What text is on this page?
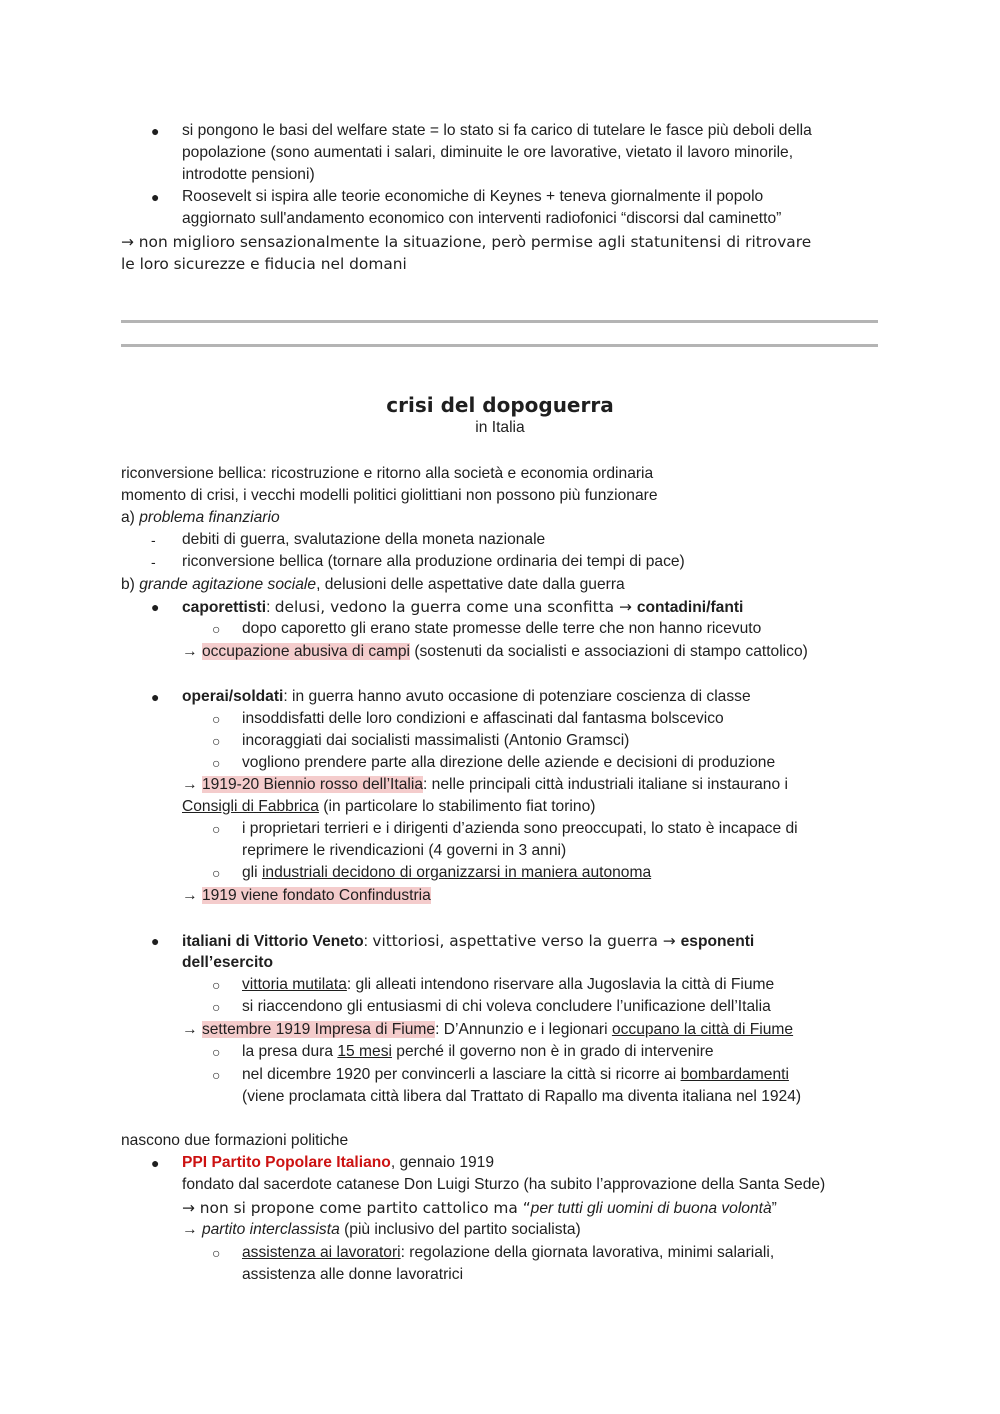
● si pongono le basi del welfare state = lo stato si fa carico di tutelare le fasce più deboli della
popolazione (sono aumentati i salari, diminuite le ore lavorative, vietato il lavoro minorile,
introdotte pensioni)
● Roosevelt si ispira alle teorie economiche di Keynes + teneva giornalmente il popolo
aggiornato sull'andamento economico con interventi radiofonici “discorsi dal caminetto”
→ non miglioro sensazionalmente la situazione, però permise agli statunitensi di ritrovare
le loro sicurezze e fiducia nel domani
crisi del dopoguerra
in Italia
riconversione bellica: ricostruzione e ritorno alla società e economia ordinaria
momento di crisi, i vecchi modelli politici giolittiani non possono più funzionare
a) problema finanziario
- debiti di guerra, svalutazione della moneta nazionale
- riconversione bellica (tornare alla produzione ordinaria dei tempi di pace)
b) grande agitazione sociale, delusioni delle aspettative date dalla guerra
● caporettisti: delusi, vedono la guerra come una sconfitta → contadini/fanti
○ dopo caporetto gli erano state promesse delle terre che non hanno ricevuto
→ occupazione abusiva di campi (sostenuti da socialisti e associazioni di stampo cattolico)
● operai/soldati: in guerra hanno avuto occasione di potenziare coscienza di classe
○ insoddisfatti delle loro condizioni e affascinati dal fantasma bolscevico
○ incoraggiati dai socialisti massimalisti (Antonio Gramsci)
○ vogliono prendere parte alla direzione delle aziende e decisioni di produzione
→ 1919-20 Biennio rosso dell’Italia: nelle principali città industriali italiane si instaurano i
Consigli di Fabbrica (in particolare lo stabilimento fiat torino)
○ i proprietari terrieri e i dirigenti d’azienda sono preoccupati, lo stato è incapace di
reprimere le rivendicazioni (4 governi in 3 anni)
○ gli industriali decidono di organizzarsi in maniera autonoma
→ 1919 viene fondato Confindustria
● italiani di Vittorio Veneto: vittoriosi, aspettative verso la guerra → esponenti
dell’esercito
○ vittoria mutilata: gli alleati intendono riservare alla Jugoslavia la città di Fiume
○ si riaccendono gli entusiasmi di chi voleva concludere l’unificazione dell’Italia
→ settembre 1919 Impresa di Fiume: D’Annunzio e i legionari occupano la città di Fiume
○ la presa dura 15 mesi perché il governo non è in grado di intervenire
○ nel dicembre 1920 per convincerli a lasciare la città si ricorre ai bombardamenti
(viene proclamata città libera dal Trattato di Rapallo ma diventa italiana nel 1924)
nascono due formazioni politiche
● PPI Partito Popolare Italiano, gennaio 1919
fondato dal sacerdote catanese Don Luigi Sturzo (ha subito l’approvazione della Santa Sede)
→ non si propone come partito cattolico ma “per tutti gli uomini di buona volontà”
→ partito interclassista (più inclusivo del partito socialista)
○ assistenza ai lavoratori: regolazione della giornata lavorativa, minimi salariali,
assistenza alle donne lavoratrici
